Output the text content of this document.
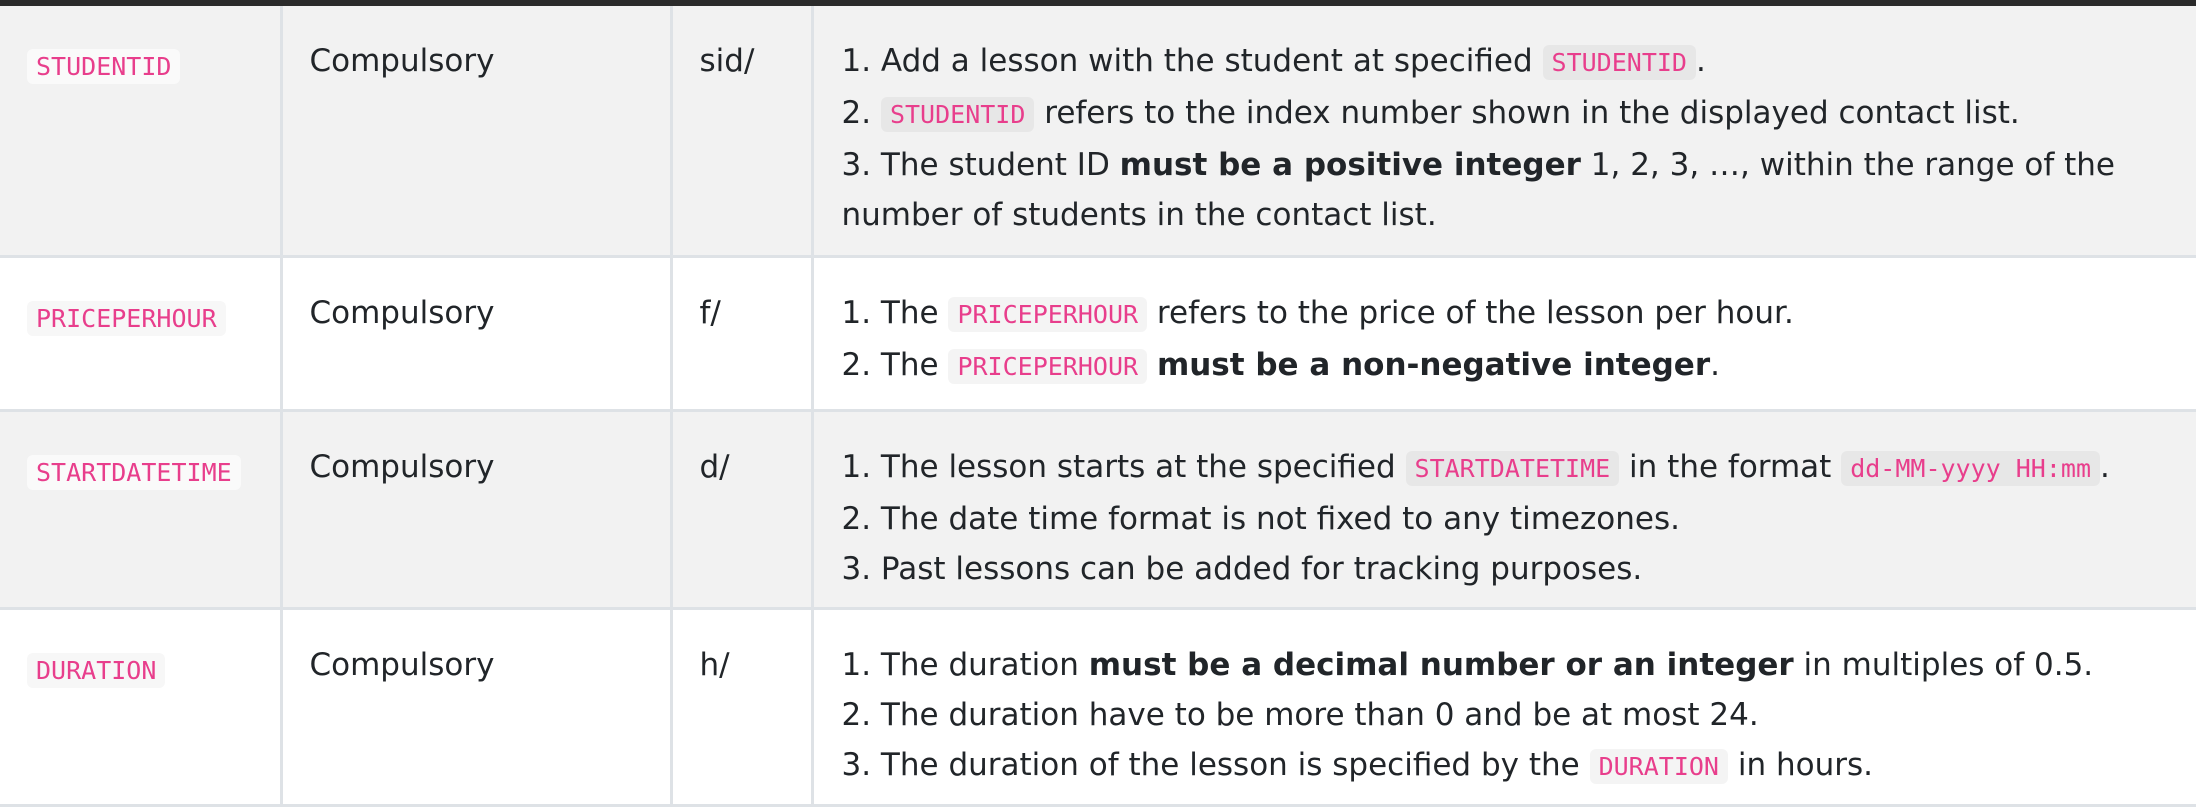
STUDENTID	Compulsory	sid/	1. Add a lesson with the student at specified STUDENTID .
2. STUDENTID refers to the index number shown in the displayed contact list.
3. The student ID must be a positive integer 1, 2, 3, …, within the range of the number of students in the contact list.

PRICEPERHOUR	Compulsory	f/	1. The PRICEPERHOUR refers to the price of the lesson per hour.
2. The PRICEPERHOUR must be a non-negative integer.

STARTDATETIME	Compulsory	d/	1. The lesson starts at the specified STARTDATETIME in the format dd-MM-yyyy HH:mm .
2. The date time format is not fixed to any timezones.
3. Past lessons can be added for tracking purposes.

DURATION	Compulsory	h/	1. The duration must be a decimal number or an integer in multiples of 0.5.
2. The duration have to be more than 0 and be at most 24.
3. The duration of the lesson is specified by the DURATION in hours.
